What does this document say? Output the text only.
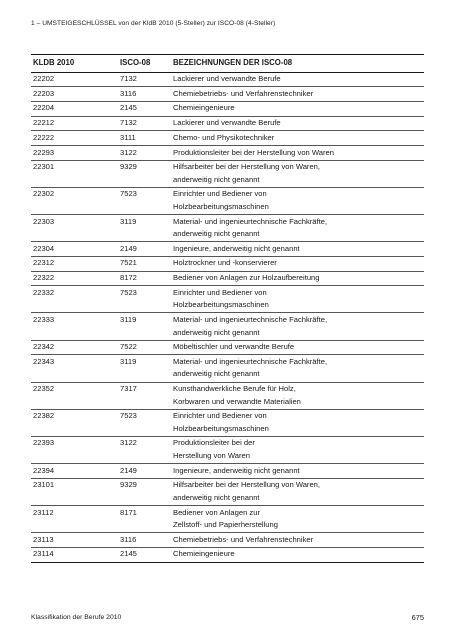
1 – UMSTEIGESCHLÜSSEL von der KldB 2010 (5-Steller) zur ISCO-08 (4-Steller)
KLDB 2010	ISCO-08	BEZEICHNUNGEN DER ISCO-08
22202	7132	Lackierer und verwandte Berufe
22203	3116	Chemiebetriebs- und Verfahrenstechniker
22204	2145	Chemieingenieure
22212	7132	Lackierer und verwandte Berufe
22222	3111	Chemo- und Physikotechniker
22293	3122	Produktionsleiter bei der Herstellung von Waren
22301	9329	Hilfsarbeiter bei der Herstellung von Waren,
anderweitig nicht genannt
22302	7523	Einrichter und Bediener von
Holzbearbeitungsmaschinen
22303	3119	Material- und ingenieurtechnische Fachkräfte,
anderweitig nicht genannt
22304	2149	Ingenieure, anderweitig nicht genannt
22312	7521	Holztrockner und -konservierer
22322	8172	Bediener von Anlagen zur Holzaufbereitung
22332	7523	Einrichter und Bediener von
Holzbearbeitungsmaschinen
22333	3119	Material- und ingenieurtechnische Fachkräfte,
anderweitig nicht genannt
22342	7522	Möbeltischler und verwandte Berufe
22343	3119	Material- und ingenieurtechnische Fachkräfte,
anderweitig nicht genannt
22352	7317	Kunsthandwerkliche Berufe für Holz,
Korbwaren und verwandte Materialien
22382	7523	Einrichter und Bediener von
Holzbearbeitungsmaschinen
22393	3122	Produktionsleiter bei der
Herstellung von Waren
22394	2149	Ingenieure, anderweitig nicht genannt
23101	9329	Hilfsarbeiter bei der Herstellung von Waren,
anderweitig nicht genannt
23112	8171	Bediener von Anlagen zur
Zellstoff- und Papierherstellung
23113	3116	Chemiebetriebs- und Verfahrenstechniker
23114	2145	Chemieingenieure
Klassifikation der Berufe 2010	675
